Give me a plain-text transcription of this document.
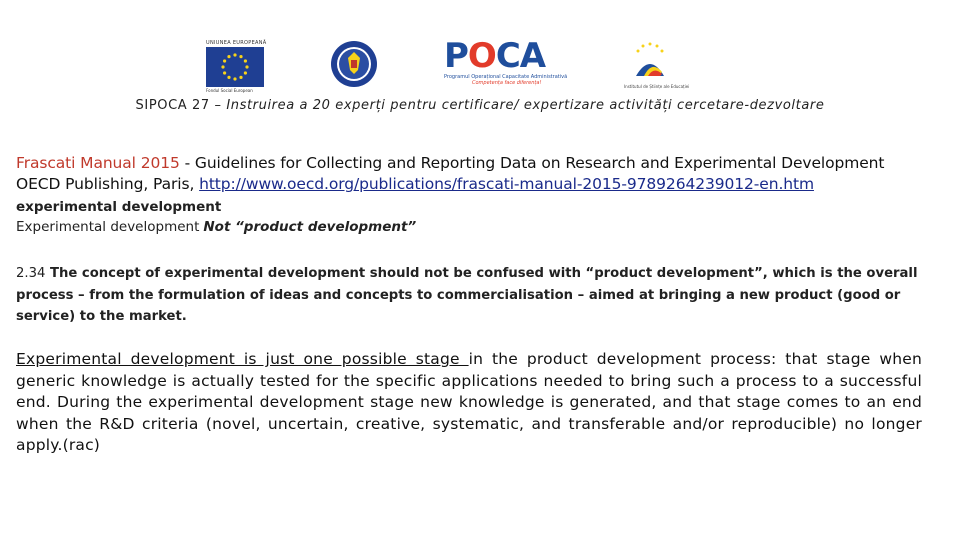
UNIUNEA EUROPEANĂ
Fondul Social European
POCA
Programul Operațional Capacitate Administrativă
Competența face diferența!
Institutul de Științe ale Educației
SIPOCA 27 – Instruirea a 20 experți pentru certificare/ expertizare activități cercetare-dezvoltare
Frascati Manual 2015 - Guidelines for Collecting and Reporting Data on Research and Experimental Development
OECD Publishing, Paris, http://www.oecd.org/publications/frascati-manual-2015-9789264239012-en.htm
experimental development
Experimental development Not “product development”
2.34 The concept of experimental development should not be confused with “product development”, which is the overall process – from the formulation of ideas and concepts to commercialisation – aimed at bringing a new product (good or service) to the market.
Experimental development is just one possible stage in the product development process: that stage when generic knowledge is actually tested for the specific applications needed to bring such a process to a successful end. During the experimental development stage new knowledge is generated, and that stage comes to an end when the R&D criteria (novel, uncertain, creative, systematic, and transferable and/or reproducible) no longer apply.(rac)
